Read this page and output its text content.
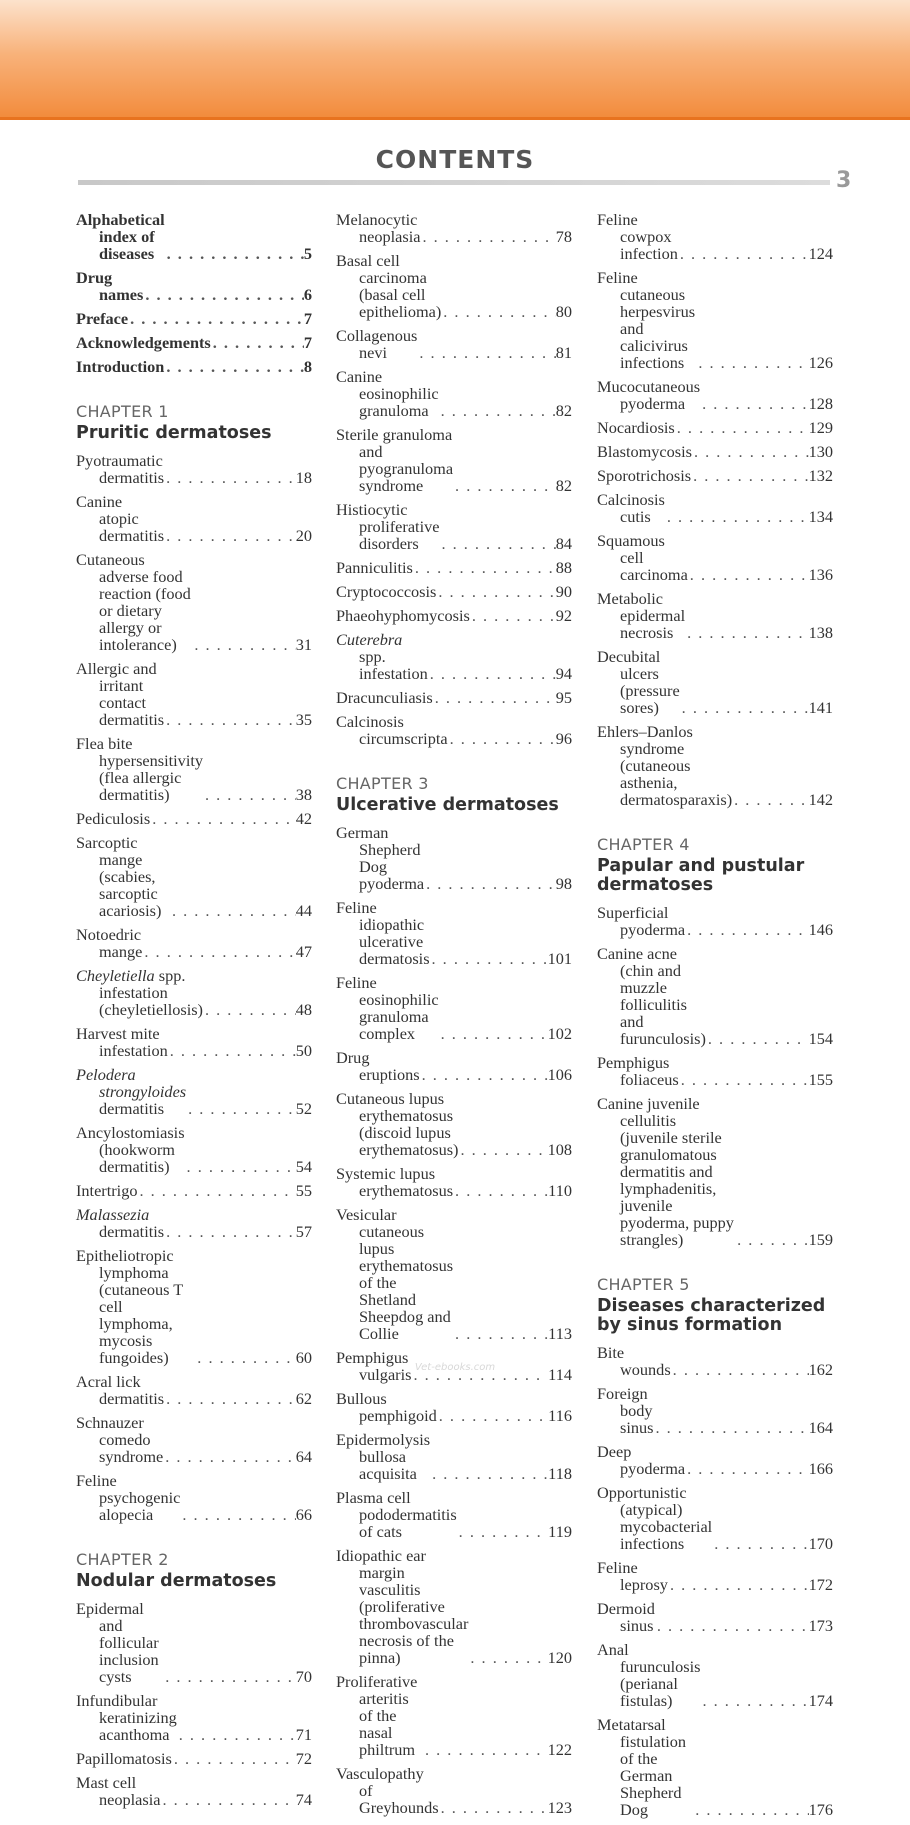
CONTENTS
3
Alphabetical index of diseases . . .	5
Drug names . . .	6
Preface . . .	7
Acknowledgements . . .	7
Introduction . . .	8
CHAPTER 1
Pruritic dermatoses
Pyotraumatic dermatitis . . .	18
Canine atopic dermatitis . . .	20
Cutaneous adverse food reaction (food or dietary allergy or intolerance) . . .	31
Allergic and irritant contact dermatitis . . .	35
Flea bite hypersensitivity (flea allergic dermatitis) . . .	38
Pediculosis . . .	42
Sarcoptic mange (scabies, sarcoptic acariosis) . . .	44
Notoedric mange . . .	47
Cheyletiella spp. infestation (cheyletiellosis) . . .	48
Harvest mite infestation . . .	50
Pelodera strongyloides dermatitis . . .	52
Ancylostomiasis (hookworm dermatitis) . . .	54
Intertrigo . . .	55
Malassezia dermatitis . . .	57
Epitheliotropic lymphoma (cutaneous T cell lymphoma, mycosis fungoides) . . .	60
Acral lick dermatitis . . .	62
Schnauzer comedo syndrome . . .	64
Feline psychogenic alopecia . . .	66
CHAPTER 2
Nodular dermatoses
Epidermal and follicular inclusion cysts . . .	70
Infundibular keratinizing acanthoma . . .	71
Papillomatosis . . .	72
Mast cell neoplasia . . .	74
Melanocytic neoplasia . . .	78
Basal cell carcinoma (basal cell epithelioma) . . .	80
Collagenous nevi . . .	81
Canine eosinophilic granuloma . . .	82
Sterile granuloma and pyogranuloma syndrome . . .	82
Histiocytic proliferative disorders . . .	84
Panniculitis . . .	88
Cryptococcosis . . .	90
Phaeohyphomycosis . . .	92
Cuterebra spp. infestation . . .	94
Dracunculiasis . . .	95
Calcinosis circumscripta . . .	96
CHAPTER 3
Ulcerative dermatoses
German Shepherd Dog pyoderma . . .	98
Feline idiopathic ulcerative dermatosis . . .	101
Feline eosinophilic granuloma complex . . .	102
Drug eruptions . . .	106
Cutaneous lupus erythematosus (discoid lupus erythematosus) . . .	108
Systemic lupus erythematosus . . .	110
Vesicular cutaneous lupus erythematosus of the Shetland Sheepdog and Collie . . .	113
Pemphigus vulgaris . . .	114
Bullous pemphigoid . . .	116
Epidermolysis bullosa acquisita . . .	118
Plasma cell pododermatitis of cats . . .	119
Idiopathic ear margin vasculitis (proliferative thrombovascular necrosis of the pinna) . . .	120
Proliferative arteritis of the nasal philtrum . . .	122
Vasculopathy of Greyhounds . . .	123
Feline cowpox infection . . .	124
Feline cutaneous herpesvirus and calicivirus infections . . .	126
Mucocutaneous pyoderma . . .	128
Nocardiosis . . .	129
Blastomycosis . . .	130
Sporotrichosis . . .	132
Calcinosis cutis . . .	134
Squamous cell carcinoma . . .	136
Metabolic epidermal necrosis . . .	138
Decubital ulcers (pressure sores) . . .	141
Ehlers–Danlos syndrome (cutaneous asthenia, dermatosparaxis) . . .	142
CHAPTER 4
Papular and pustular dermatoses
Superficial pyoderma . . .	146
Canine acne (chin and muzzle folliculitis and furunculosis) . . .	154
Pemphigus foliaceus . . .	155
Canine juvenile cellulitis (juvenile sterile granulomatous dermatitis and lymphadenitis, juvenile pyoderma, puppy strangles) . . .	159
CHAPTER 5
Diseases characterized by sinus formation
Bite wounds . . .	162
Foreign body sinus . . .	164
Deep pyoderma . . .	166
Opportunistic (atypical) mycobacterial infections . . .	170
Feline leprosy . . .	172
Dermoid sinus . . .	173
Anal furunculosis (perianal fistulas) . . .	174
Metatarsal fistulation of the German Shepherd Dog . . .	176
Vet-ebooks.com
